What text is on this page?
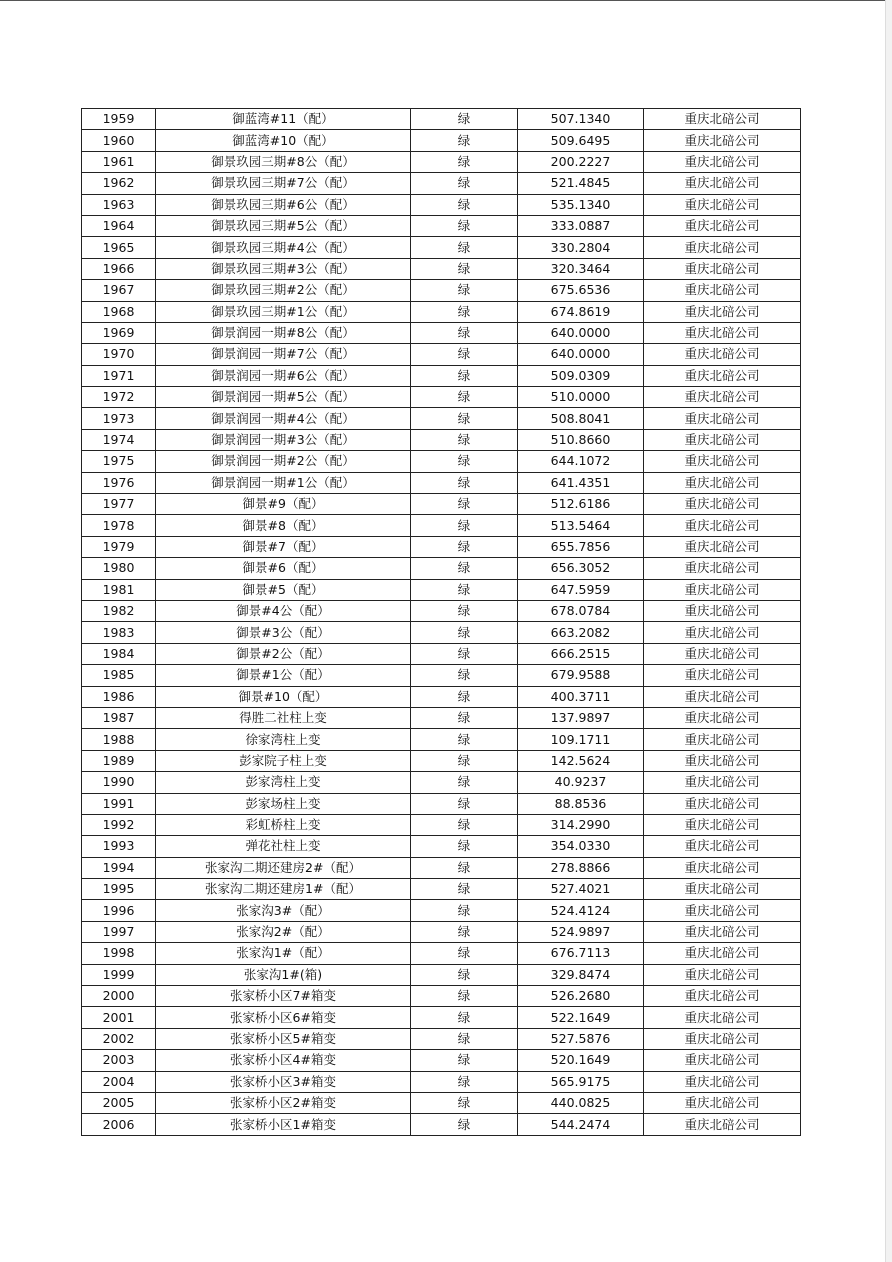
1959	御蓝湾#11（配）	绿	507.1340	重庆北碚公司
1960	御蓝湾#10（配）	绿	509.6495	重庆北碚公司
1961	御景玖园三期#8公（配）	绿	200.2227	重庆北碚公司
1962	御景玖园三期#7公（配）	绿	521.4845	重庆北碚公司
1963	御景玖园三期#6公（配）	绿	535.1340	重庆北碚公司
1964	御景玖园三期#5公（配）	绿	333.0887	重庆北碚公司
1965	御景玖园三期#4公（配）	绿	330.2804	重庆北碚公司
1966	御景玖园三期#3公（配）	绿	320.3464	重庆北碚公司
1967	御景玖园三期#2公（配）	绿	675.6536	重庆北碚公司
1968	御景玖园三期#1公（配）	绿	674.8619	重庆北碚公司
1969	御景润园一期#8公（配）	绿	640.0000	重庆北碚公司
1970	御景润园一期#7公（配）	绿	640.0000	重庆北碚公司
1971	御景润园一期#6公（配）	绿	509.0309	重庆北碚公司
1972	御景润园一期#5公（配）	绿	510.0000	重庆北碚公司
1973	御景润园一期#4公（配）	绿	508.8041	重庆北碚公司
1974	御景润园一期#3公（配）	绿	510.8660	重庆北碚公司
1975	御景润园一期#2公（配）	绿	644.1072	重庆北碚公司
1976	御景润园一期#1公（配）	绿	641.4351	重庆北碚公司
1977	御景#9（配）	绿	512.6186	重庆北碚公司
1978	御景#8（配）	绿	513.5464	重庆北碚公司
1979	御景#7（配）	绿	655.7856	重庆北碚公司
1980	御景#6（配）	绿	656.3052	重庆北碚公司
1981	御景#5（配）	绿	647.5959	重庆北碚公司
1982	御景#4公（配）	绿	678.0784	重庆北碚公司
1983	御景#3公（配）	绿	663.2082	重庆北碚公司
1984	御景#2公（配）	绿	666.2515	重庆北碚公司
1985	御景#1公（配）	绿	679.9588	重庆北碚公司
1986	御景#10（配）	绿	400.3711	重庆北碚公司
1987	得胜二社柱上变	绿	137.9897	重庆北碚公司
1988	徐家湾柱上变	绿	109.1711	重庆北碚公司
1989	彭家院子柱上变	绿	142.5624	重庆北碚公司
1990	彭家湾柱上变	绿	40.9237	重庆北碚公司
1991	彭家场柱上变	绿	88.8536	重庆北碚公司
1992	彩虹桥柱上变	绿	314.2990	重庆北碚公司
1993	弹花社柱上变	绿	354.0330	重庆北碚公司
1994	张家沟二期还建房2#（配）	绿	278.8866	重庆北碚公司
1995	张家沟二期还建房1#（配）	绿	527.4021	重庆北碚公司
1996	张家沟3#（配）	绿	524.4124	重庆北碚公司
1997	张家沟2#（配）	绿	524.9897	重庆北碚公司
1998	张家沟1#（配）	绿	676.7113	重庆北碚公司
1999	张家沟1#(箱)	绿	329.8474	重庆北碚公司
2000	张家桥小区7#箱变	绿	526.2680	重庆北碚公司
2001	张家桥小区6#箱变	绿	522.1649	重庆北碚公司
2002	张家桥小区5#箱变	绿	527.5876	重庆北碚公司
2003	张家桥小区4#箱变	绿	520.1649	重庆北碚公司
2004	张家桥小区3#箱变	绿	565.9175	重庆北碚公司
2005	张家桥小区2#箱变	绿	440.0825	重庆北碚公司
2006	张家桥小区1#箱变	绿	544.2474	重庆北碚公司
